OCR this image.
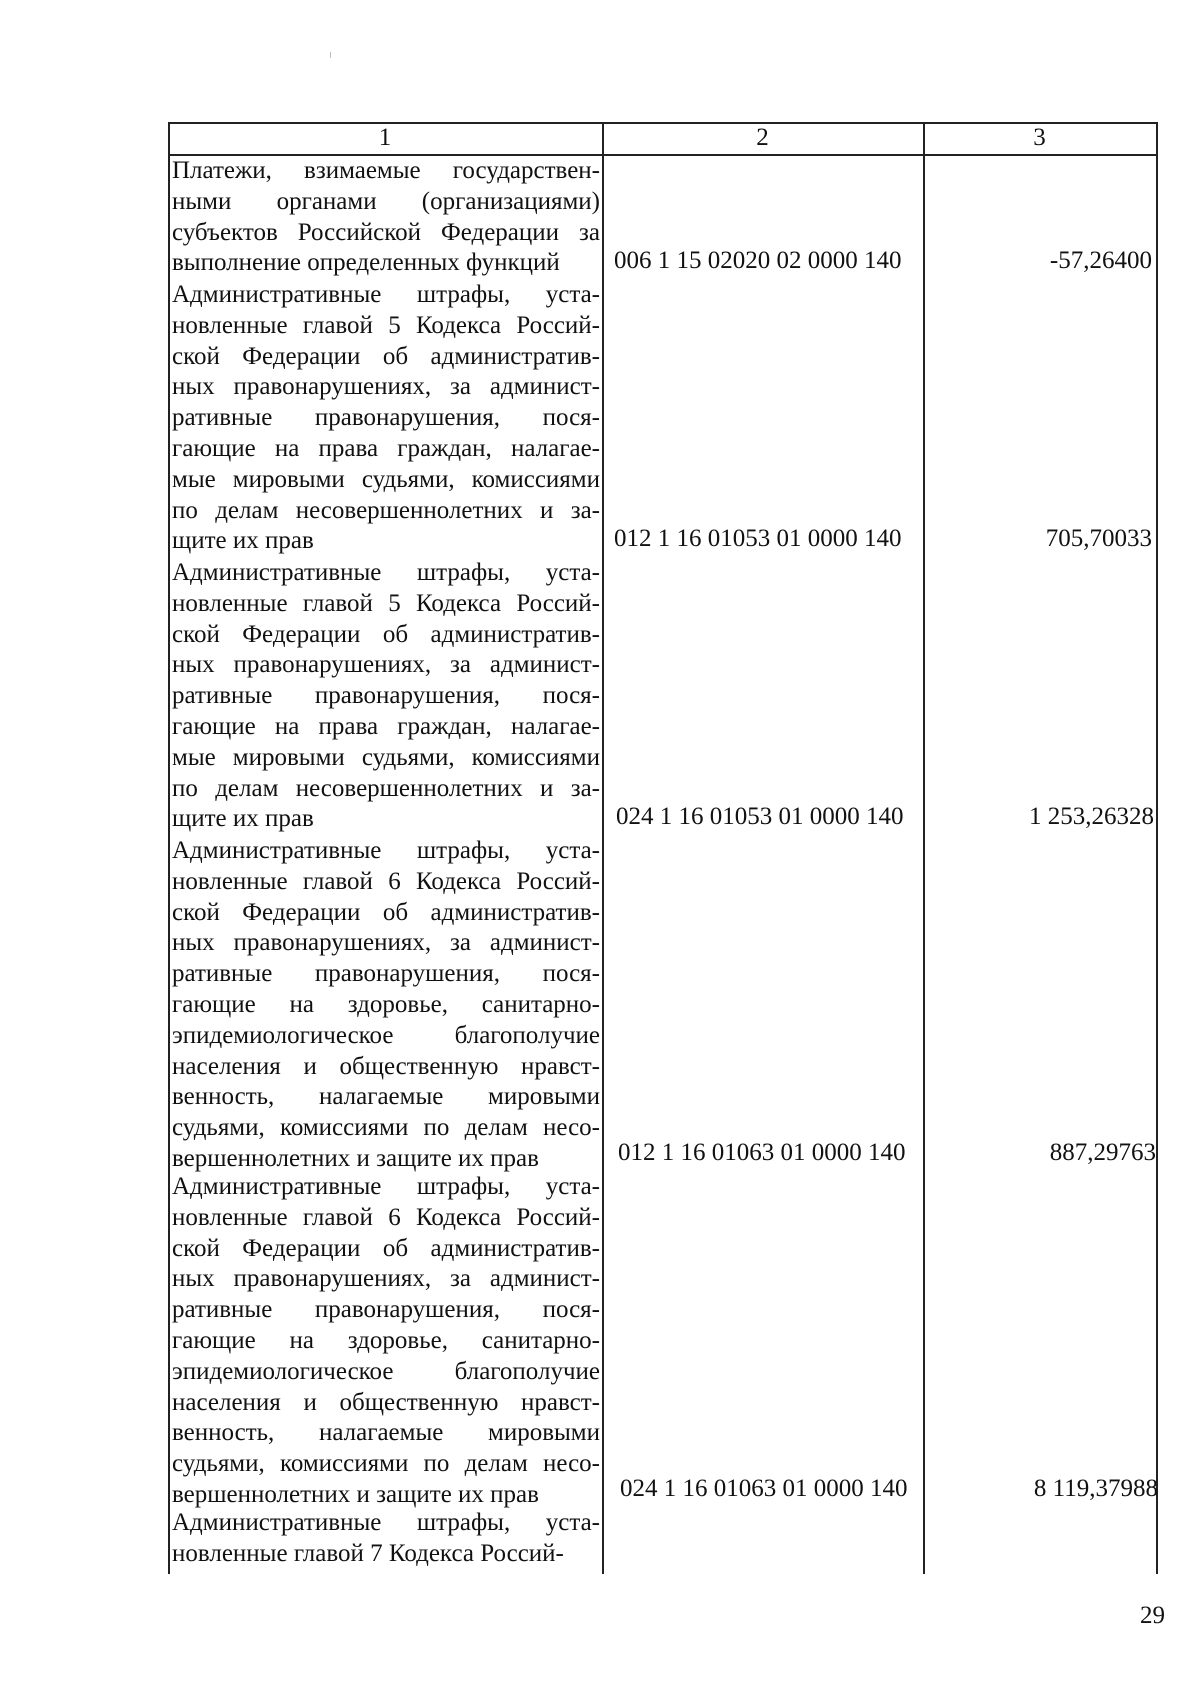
1	2	3
Платежи, взимаемые государствен-
ными органами (организациями)
субъектов Российской Федерации за
выполнение определенных функций	006 1 15 02020 02 0000 140	-57,26400
Административные штрафы, уста-
новленные главой 5 Кодекса Россий-
ской Федерации об административ-
ных правонарушениях, за админист-
ративные правонарушения, пося-
гающие на права граждан, налагае-
мые мировыми судьями, комиссиями
по делам несовершеннолетних и за-
щите их прав	012 1 16 01053 01 0000 140	705,70033
Административные штрафы, уста-
новленные главой 5 Кодекса Россий-
ской Федерации об административ-
ных правонарушениях, за админист-
ративные правонарушения, пося-
гающие на права граждан, налагае-
мые мировыми судьями, комиссиями
по делам несовершеннолетних и за-
щите их прав	024 1 16 01053 01 0000 140	1 253,26328
Административные штрафы, уста-
новленные главой 6 Кодекса Россий-
ской Федерации об административ-
ных правонарушениях, за админист-
ративные правонарушения, пося-
гающие на здоровье, санитарно-
эпидемиологическое благополучие
населения и общественную нравст-
венность, налагаемые мировыми
судьями, комиссиями по делам несо-
вершеннолетних и защите их прав	012 1 16 01063 01 0000 140	887,29763
Административные штрафы, уста-
новленные главой 6 Кодекса Россий-
ской Федерации об административ-
ных правонарушениях, за админист-
ративные правонарушения, пося-
гающие на здоровье, санитарно-
эпидемиологическое благополучие
населения и общественную нравст-
венность, налагаемые мировыми
судьями, комиссиями по делам несо-
вершеннолетних и защите их прав	024 1 16 01063 01 0000 140	8 119,37988
Административные штрафы, уста-
новленные главой 7 Кодекса Россий-
29
